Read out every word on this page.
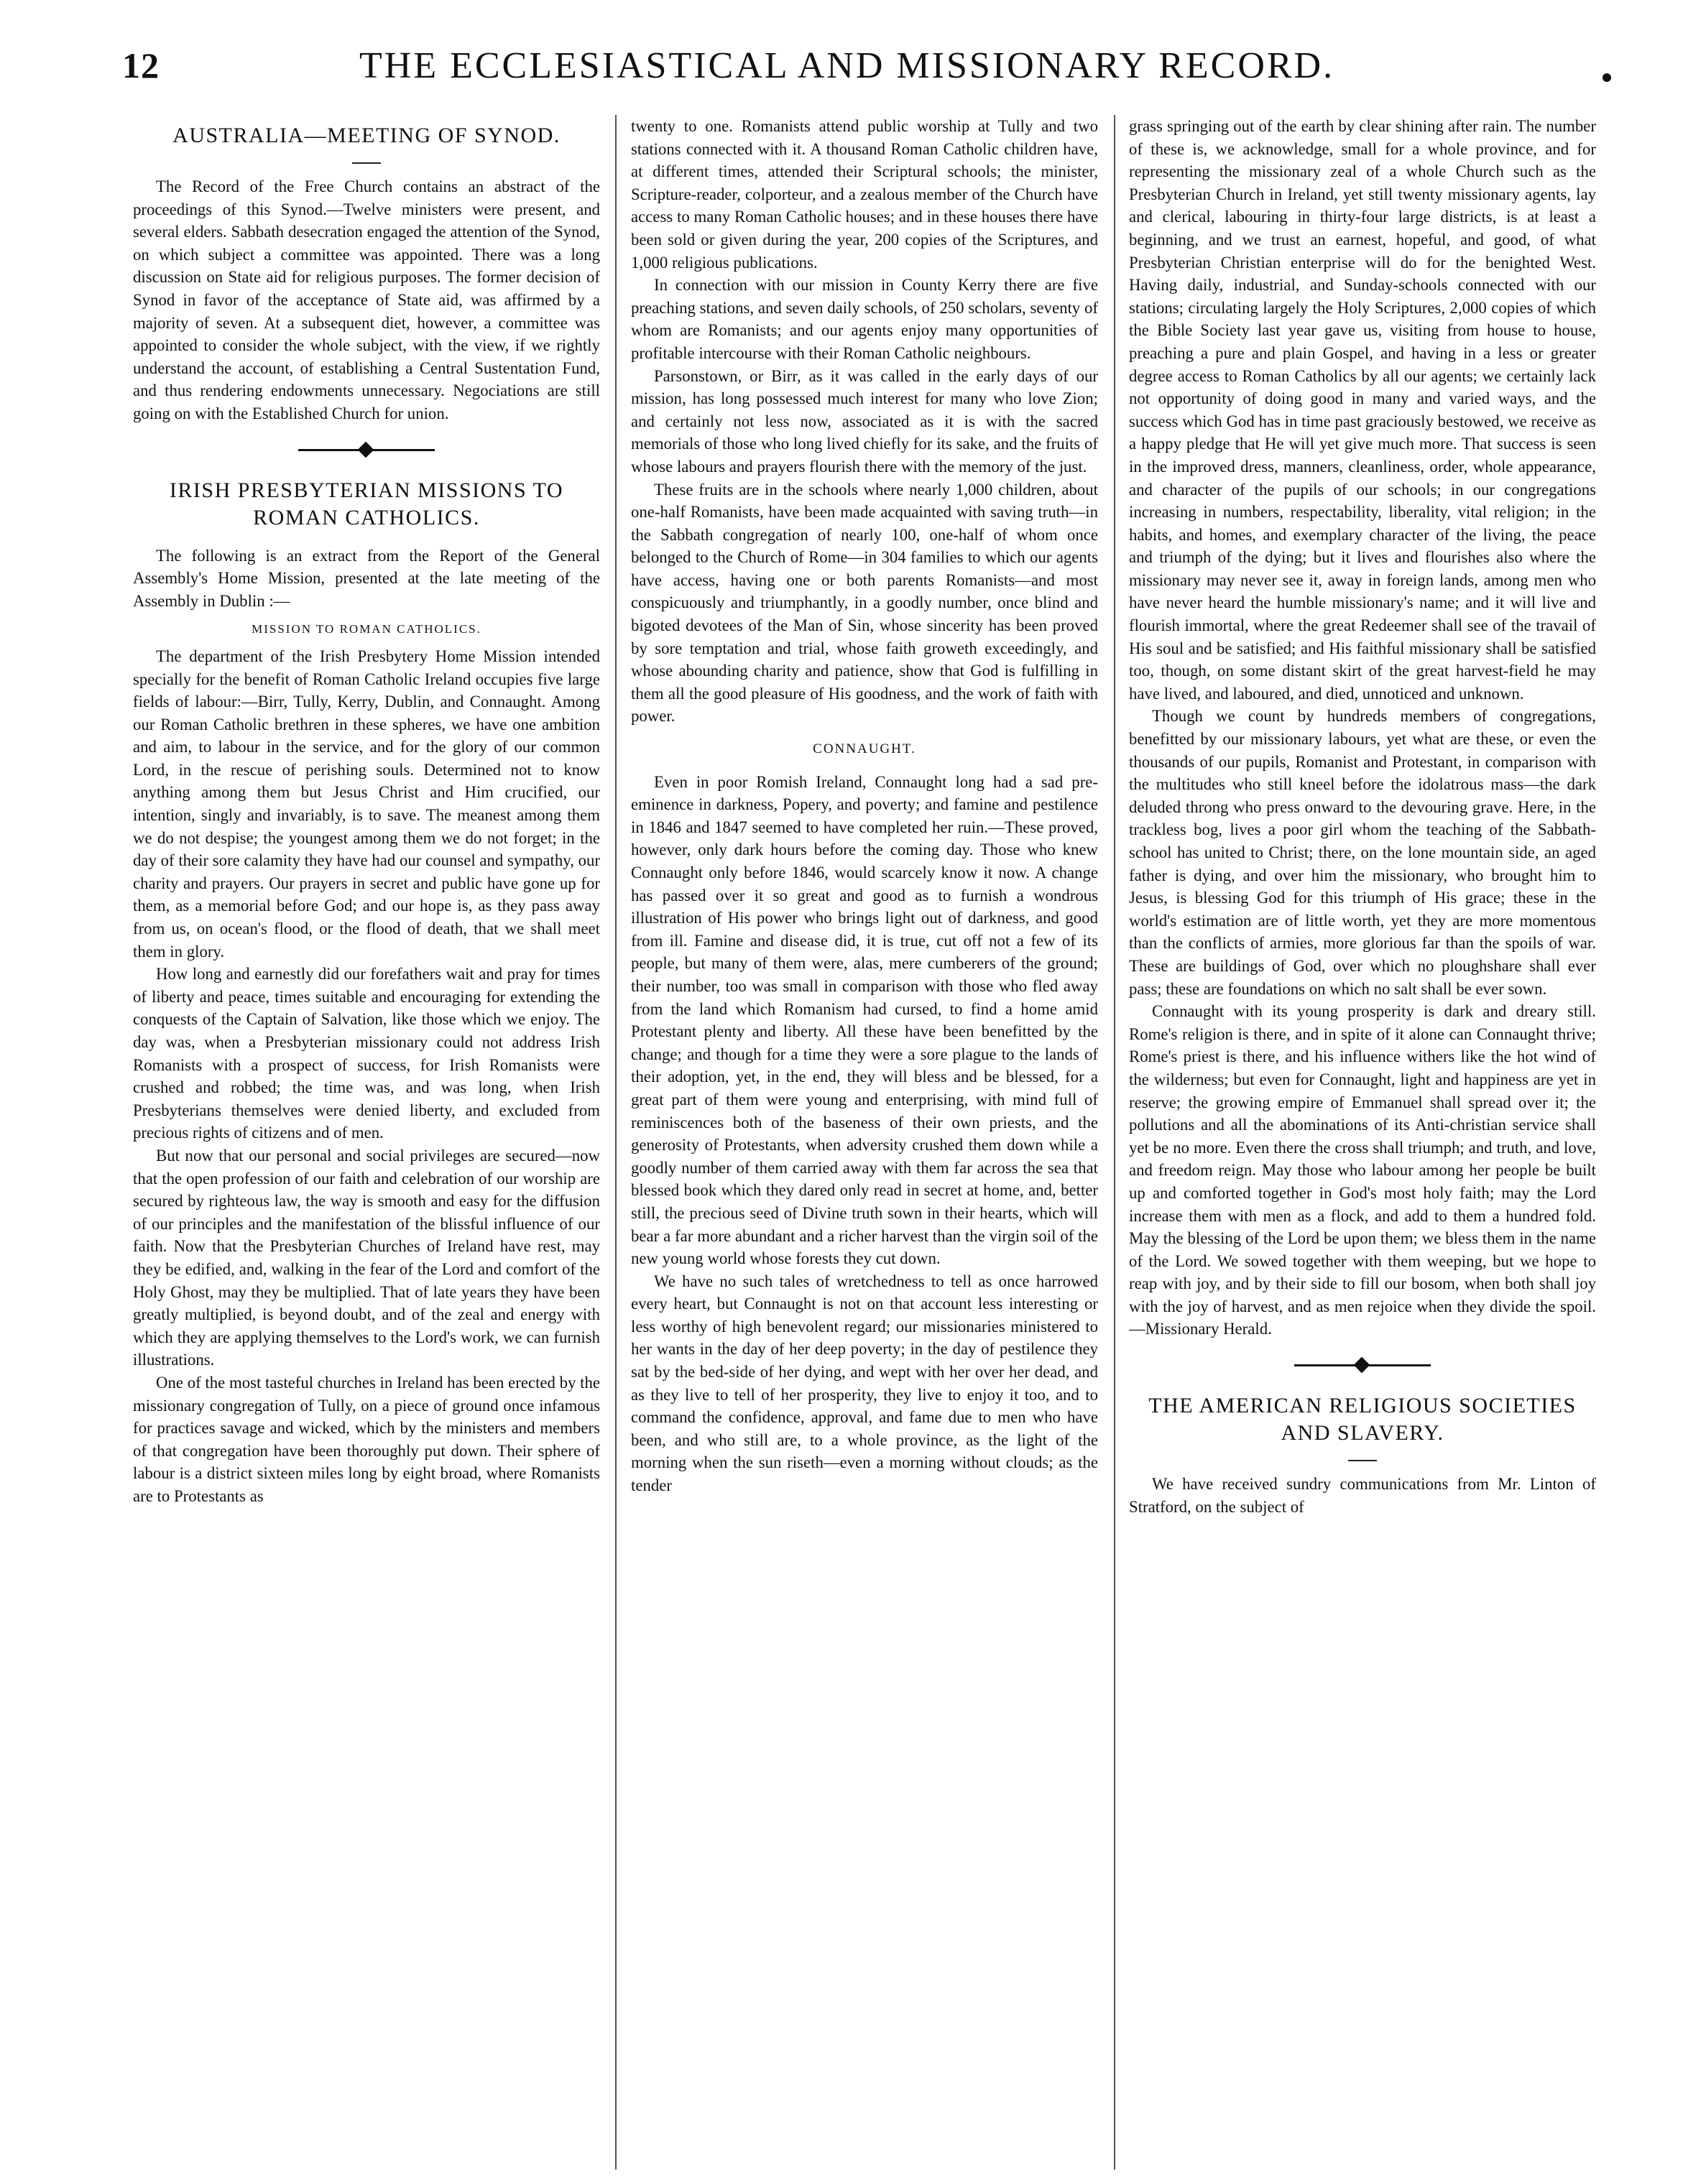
12	THE ECCLESIASTICAL AND MISSIONARY RECORD.
AUSTRALIA—MEETING OF SYNOD.

The Record of the Free Church contains an abstract of the proceedings of this Synod.—Twelve ministers were present, and several elders. Sabbath desecration engaged the attention of the Synod, on which subject a committee was appointed. There was a long discussion on State aid for religious purposes. The former decision of Synod in favor of the acceptance of State aid, was affirmed by a majority of seven. At a subsequent diet, however, a committee was appointed to consider the whole subject, with the view, if we rightly understand the account, of establishing a Central Sustentation Fund, and thus rendering endowments unnecessary. Negociations are still going on with the Established Church for union.

IRISH PRESBYTERIAN MISSIONS TO ROMAN CATHOLICS.

The following is an extract from the Report of the General Assembly's Home Mission, presented at the late meeting of the Assembly in Dublin :—

MISSION TO ROMAN CATHOLICS.

The department of the Irish Presbytery Home Mission intended specially for the benefit of Roman Catholic Ireland occupies five large fields of labour:—Birr, Tully, Kerry, Dublin, and Connaught. Among our Roman Catholic brethren in these spheres, we have one ambition and aim, to labour in the service, and for the glory of our common Lord, in the rescue of perishing souls. Determined not to know anything among them but Jesus Christ and Him crucified, our intention, singly and invariably, is to save. The meanest among them we do not despise; the youngest among them we do not forget; in the day of their sore calamity they have had our counsel and sympathy, our charity and prayers. Our prayers in secret and public have gone up for them, as a memorial before God; and our hope is, as they pass away from us, on ocean's flood, or the flood of death, that we shall meet them in glory.

How long and earnestly did our forefathers wait and pray for times of liberty and peace, times suitable and encouraging for extending the conquests of the Captain of Salvation, like those which we enjoy. The day was, when a Presbyterian missionary could not address Irish Romanists with a prospect of success, for Irish Romanists were crushed and robbed; the time was, and was long, when Irish Presbyterians themselves were denied liberty, and excluded from precious rights of citizens and of men.

But now that our personal and social privileges are secured—now that the open profession of our faith and celebration of our worship are secured by righteous law, the way is smooth and easy for the diffusion of our principles and the manifestation of the blissful influence of our faith. Now that the Presbyterian Churches of Ireland have rest, may they be edified, and, walking in the fear of the Lord and comfort of the Holy Ghost, may they be multiplied. That of late years they have been greatly multiplied, is beyond doubt, and of the zeal and energy with which they are applying themselves to the Lord's work, we can furnish illustrations.

One of the most tasteful churches in Ireland has been erected by the missionary congregation of Tully, on a piece of ground once infamous for practices savage and wicked, which by the ministers and members of that congregation have been thoroughly put down. Their sphere of labour is a district sixteen miles long by eight broad, where Romanists are to Protestants as

twenty to one. Romanists attend public worship at Tully and two stations connected with it. A thousand Roman Catholic children have, at different times, attended their Scriptural schools; the minister, Scripture-reader, colporteur, and a zealous member of the Church have access to many Roman Catholic houses; and in these houses there have been sold or given during the year, 200 copies of the Scriptures, and 1,000 religious publications.

In connection with our mission in County Kerry there are five preaching stations, and seven daily schools, of 250 scholars, seventy of whom are Romanists; and our agents enjoy many opportunities of profitable intercourse with their Roman Catholic neighbours.

Parsonstown, or Birr, as it was called in the early days of our mission, has long possessed much interest for many who love Zion; and certainly not less now, associated as it is with the sacred memorials of those who long lived chiefly for its sake, and the fruits of whose labours and prayers flourish there with the memory of the just.

These fruits are in the schools where nearly 1,000 children, about one-half Romanists, have been made acquainted with saving truth—in the Sabbath congregation of nearly 100, one-half of whom once belonged to the Church of Rome—in 304 families to which our agents have access, having one or both parents Romanists—and most conspicuously and triumphantly, in a goodly number, once blind and bigoted devotees of the Man of Sin, whose sincerity has been proved by sore temptation and trial, whose faith groweth exceedingly, and whose abounding charity and patience, show that God is fulfilling in them all the good pleasure of His goodness, and the work of faith with power.

CONNAUGHT.

Even in poor Romish Ireland, Connaught long had a sad pre-eminence in darkness, Popery, and poverty; and famine and pestilence in 1846 and 1847 seemed to have completed her ruin.—These proved, however, only dark hours before the coming day. Those who knew Connaught only before 1846, would scarcely know it now. A change has passed over it so great and good as to furnish a wondrous illustration of His power who brings light out of darkness, and good from ill. Famine and disease did, it is true, cut off not a few of its people, but many of them were, alas, mere cumberers of the ground; their number, too was small in comparison with those who fled away from the land which Romanism had cursed, to find a home amid Protestant plenty and liberty. All these have been benefitted by the change; and though for a time they were a sore plague to the lands of their adoption, yet, in the end, they will bless and be blessed, for a great part of them were young and enterprising, with mind full of reminiscences both of the baseness of their own priests, and the generosity of Protestants, when adversity crushed them down while a goodly number of them carried away with them far across the sea that blessed book which they dared only read in secret at home, and, better still, the precious seed of Divine truth sown in their hearts, which will bear a far more abundant and a richer harvest than the virgin soil of the new young world whose forests they cut down.

We have no such tales of wretchedness to tell as once harrowed every heart, but Connaught is not on that account less interesting or less worthy of high benevolent regard; our missionaries ministered to her wants in the day of her deep poverty; in the day of pestilence they sat by the bed-side of her dying, and wept with her over her dead, and as they live to tell of her prosperity, they live to enjoy it too, and to command the confidence, approval, and fame due to men who have been, and who still are, to a whole province, as the light of the morning when the sun riseth—even a morning without clouds; as the tender

grass springing out of the earth by clear shining after rain. The number of these is, we acknowledge, small for a whole province, and for representing the missionary zeal of a whole Church such as the Presbyterian Church in Ireland, yet still twenty missionary agents, lay and clerical, labouring in thirty-four large districts, is at least a beginning, and we trust an earnest, hopeful, and good, of what Presbyterian Christian enterprise will do for the benighted West. Having daily, industrial, and Sunday-schools connected with our stations; circulating largely the Holy Scriptures, 2,000 copies of which the Bible Society last year gave us, visiting from house to house, preaching a pure and plain Gospel, and having in a less or greater degree access to Roman Catholics by all our agents; we certainly lack not opportunity of doing good in many and varied ways, and the success which God has in time past graciously bestowed, we receive as a happy pledge that He will yet give much more. That success is seen in the improved dress, manners, cleanliness, order, whole appearance, and character of the pupils of our schools; in our congregations increasing in numbers, respectability, liberality, vital religion; in the habits, and homes, and exemplary character of the living, the peace and triumph of the dying; but it lives and flourishes also where the missionary may never see it, away in foreign lands, among men who have never heard the humble missionary's name; and it will live and flourish immortal, where the great Redeemer shall see of the travail of His soul and be satisfied; and His faithful missionary shall be satisfied too, though, on some distant skirt of the great harvest-field he may have lived, and laboured, and died, unnoticed and unknown.

Though we count by hundreds members of congregations, benefitted by our missionary labours, yet what are these, or even the thousands of our pupils, Romanist and Protestant, in comparison with the multitudes who still kneel before the idolatrous mass—the dark deluded throng who press onward to the devouring grave. Here, in the trackless bog, lives a poor girl whom the teaching of the Sabbath-school has united to Christ; there, on the lone mountain side, an aged father is dying, and over him the missionary, who brought him to Jesus, is blessing God for this triumph of His grace; these in the world's estimation are of little worth, yet they are more momentous than the conflicts of armies, more glorious far than the spoils of war. These are buildings of God, over which no ploughshare shall ever pass; these are foundations on which no salt shall be ever sown.

Connaught with its young prosperity is dark and dreary still. Rome's religion is there, and in spite of it alone can Connaught thrive; Rome's priest is there, and his influence withers like the hot wind of the wilderness; but even for Connaught, light and happiness are yet in reserve; the growing empire of Emmanuel shall spread over it; the pollutions and all the abominations of its Anti-christian service shall yet be no more. Even there the cross shall triumph; and truth, and love, and freedom reign. May those who labour among her people be built up and comforted together in God's most holy faith; may the Lord increase them with men as a flock, and add to them a hundred fold. May the blessing of the Lord be upon them; we bless them in the name of the Lord. We sowed together with them weeping, but we hope to reap with joy, and by their side to fill our bosom, when both shall joy with the joy of harvest, and as men rejoice when they divide the spoil.—Missionary Herald.

THE AMERICAN RELIGIOUS SOCIETIES AND SLAVERY.

We have received sundry communications from Mr. Linton of Stratford, on the subject of
